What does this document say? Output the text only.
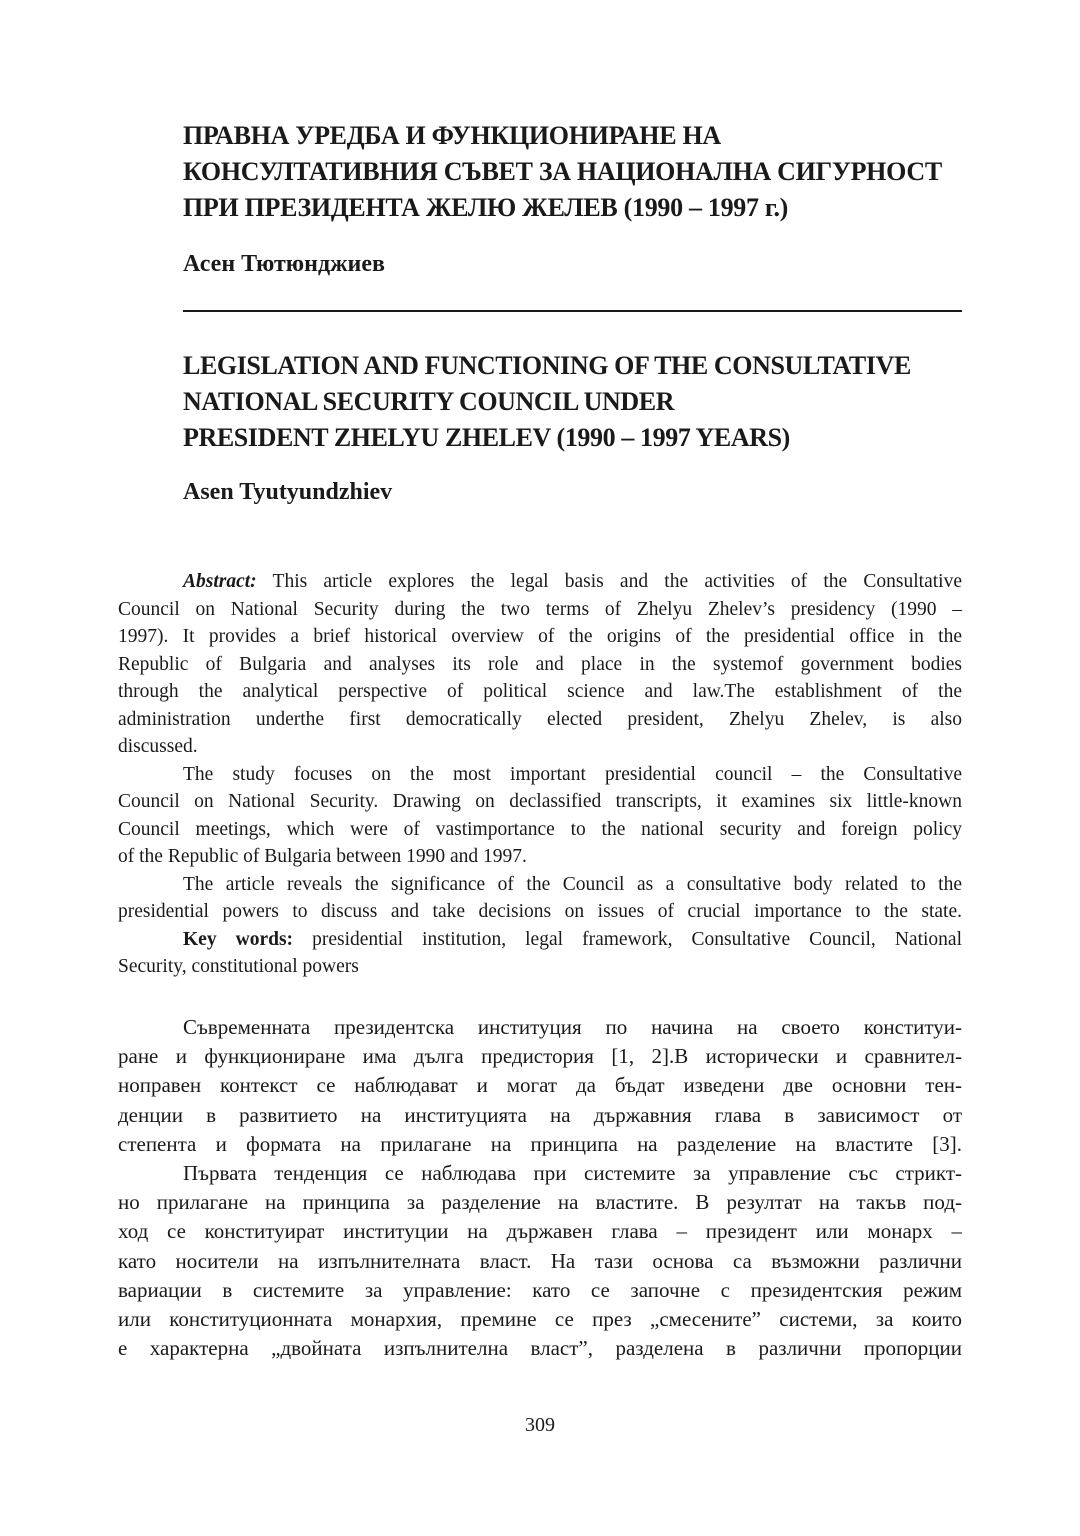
ПРАВНА УРЕДБА И ФУНКЦИОНИРАНЕ НА
КОНСУЛТАТИВНИЯ СЪВЕТ ЗА НАЦИОНАЛНА СИГУРНОСТ
ПРИ ПРЕЗИДЕНТА ЖЕЛЮ ЖЕЛЕВ (1990 – 1997 г.)
Асен Тютюнджиев
LEGISLATION AND FUNCTIONING OF THE CONSULTATIVE
NATIONAL SECURITY COUNCIL UNDER
PRESIDENT ZHELYU ZHELEV (1990 – 1997 YEARS)
Asen Tyutyundzhiev
Abstract: This article explores the legal basis and the activities of the Consultative
Council on National Security during the two terms of Zhelyu Zhelev’s presidency (1990 –
1997). It provides a brief historical overview of the origins of the presidential office in the
Republic of Bulgaria and analyses its role and place in the systemof government bodies
through the analytical perspective of political science and law.The establishment of the
administration underthe first democratically elected president, Zhelyu Zhelev, is also
discussed.
The study focuses on the most important presidential council – the Consultative
Council on National Security. Drawing on declassified transcripts, it examines six little-known
Council meetings, which were of vastimportance to the national security and foreign policy
of the Republic of Bulgaria between 1990 and 1997.
The article reveals the significance of the Council as a consultative body related to the
presidential powers to discuss and take decisions on issues of crucial importance to the state.
Key words: presidential institution, legal framework, Consultative Council, National
Security, constitutional powers
Съвременната президентска институция по начина на своето конституи-
ране и функциониране има дълга предистория [1, 2].В исторически и сравнител-
ноправен контекст се наблюдават и могат да бъдат изведени две основни тен-
денции в развитието на институцията на държавния глава в зависимост от
степента и формата на прилагане на принципа на разделение на властите [3].
Първата тенденция се наблюдава при системите за управление със стрикт-
но прилагане на принципа за разделение на властите. В резултат на такъв под-
ход се конституират институции на държавен глава – президент или монарх –
като носители на изпълнителната власт. На тази основа са възможни различни
вариации в системите за управление: като се започне с президентския режим
или конституционната монархия, премине се през „смесените” системи, за които
е характерна „двойната изпълнителна власт”, разделена в различни пропорции
309
